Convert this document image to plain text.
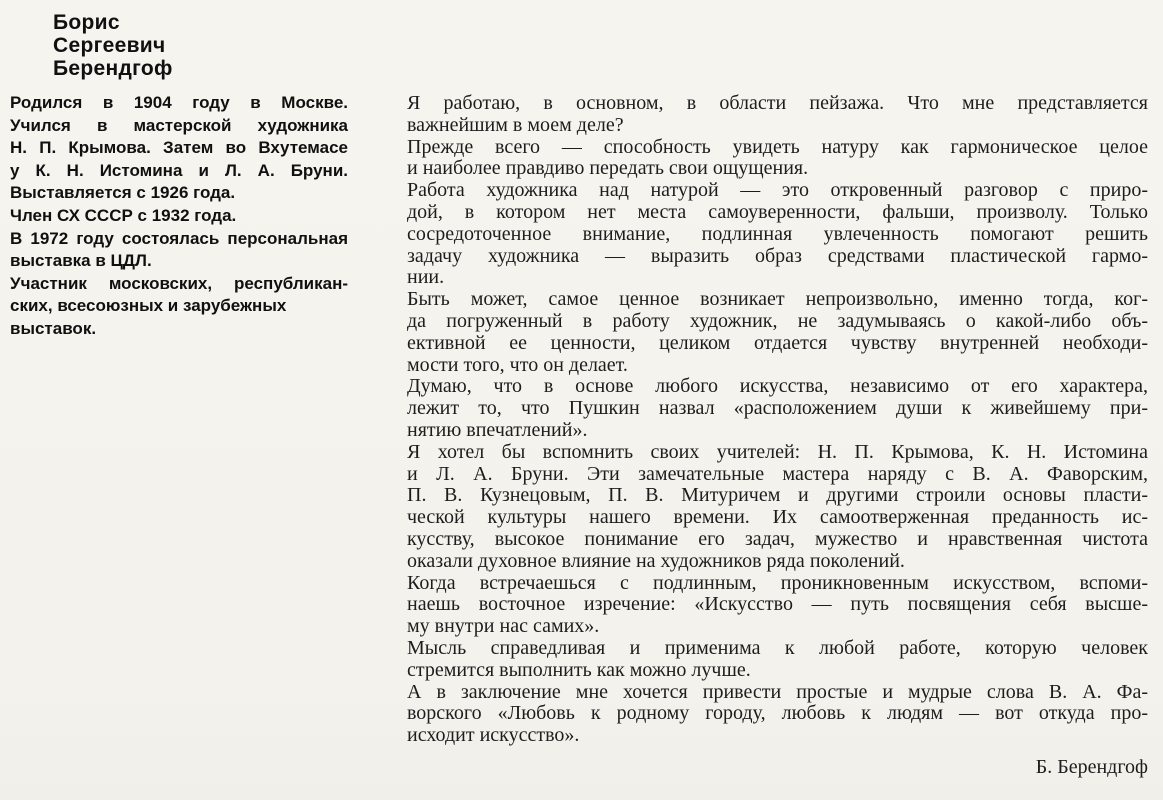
Борис
Сергеевич
Берендгоф
Родился в 1904 году в Москве.
Учился в мастерской художника
Н. П. Крымова. Затем во Вхутемасе
у К. Н. Истомина и Л. А. Бруни.
Выставляется с 1926 года.
Член СХ СССР с 1932 года.
В 1972 году состоялась персональная
выставка в ЦДЛ.
Участник московских, республикан-
ских, всесоюзных и зарубежных
выставок.
Я работаю, в основном, в области пейзажа. Что мне представляется
важнейшим в моем деле?
Прежде всего — способность увидеть натуру как гармоническое целое
и наиболее правдиво передать свои ощущения.
Работа художника над натурой — это откровенный разговор с приро-
дой, в котором нет места самоуверенности, фальши, произволу. Только
сосредоточенное внимание, подлинная увлеченность помогают решить
задачу художника — выразить образ средствами пластической гармо-
нии.
Быть может, самое ценное возникает непроизвольно, именно тогда, ког-
да погруженный в работу художник, не задумываясь о какой-либо объ-
ективной ее ценности, целиком отдается чувству внутренней необходи-
мости того, что он делает.
Думаю, что в основе любого искусства, независимо от его характера,
лежит то, что Пушкин назвал «расположением души к живейшему при-
нятию впечатлений».
Я хотел бы вспомнить своих учителей: Н. П. Крымова, К. Н. Истомина
и Л. А. Бруни. Эти замечательные мастера наряду с В. А. Фаворским,
П. В. Кузнецовым, П. В. Митуричем и другими строили основы пласти-
ческой культуры нашего времени. Их самоотверженная преданность ис-
кусству, высокое понимание его задач, мужество и нравственная чистота
оказали духовное влияние на художников ряда поколений.
Когда встречаешься с подлинным, проникновенным искусством, вспоми-
наешь восточное изречение: «Искусство — путь посвящения себя высше-
му внутри нас самих».
Мысль справедливая и применима к любой работе, которую человек
стремится выполнить как можно лучше.
А в заключение мне хочется привести простые и мудрые слова В. А. Фа-
ворского «Любовь к родному городу, любовь к людям — вот откуда про-
исходит искусство».
Б. Берендгоф
